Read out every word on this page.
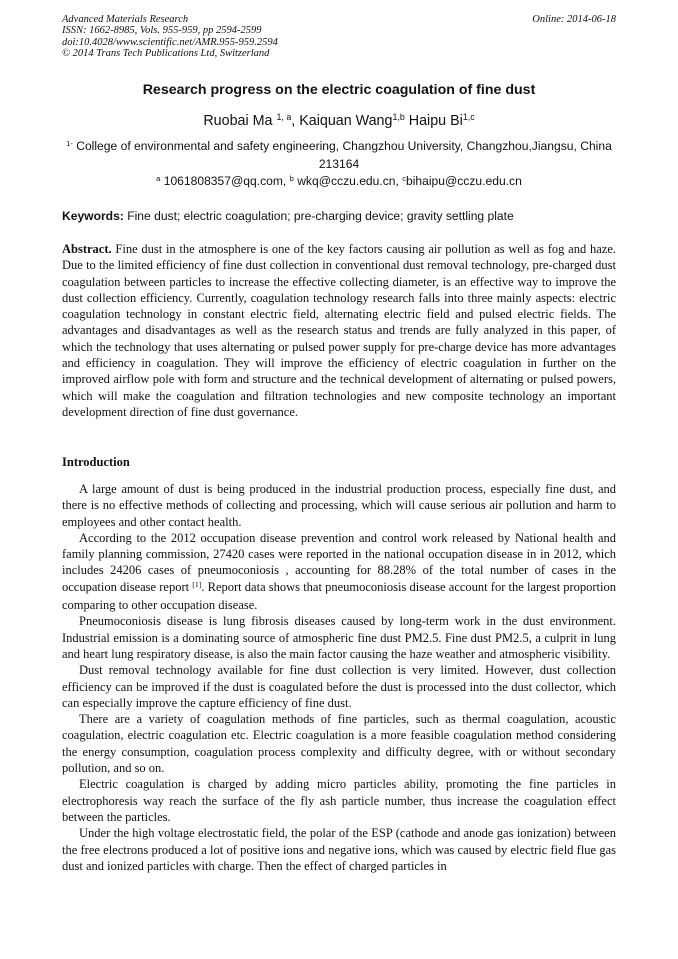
Advanced Materials Research
ISSN: 1662-8985, Vols. 955-959, pp 2594-2599
doi:10.4028/www.scientific.net/AMR.955-959.2594
© 2014 Trans Tech Publications Ltd, Switzerland
Online: 2014-06-18
Research progress on the electric coagulation of fine dust
Ruobai Ma $^{1, a}$, Kaiquan Wang$^{1,b}$ Haipu Bi$^{1,c}$
$^{1-}$ College of environmental and safety engineering, Changzhou University, Changzhou,Jiangsu, China 213164
$^a$ 1061808357@qq.com, $^b$ wkq@cczu.edu.cn, $^c$bihaipu@cczu.edu.cn
Keywords: Fine dust; electric coagulation; pre-charging device; gravity settling plate
Abstract. Fine dust in the atmosphere is one of the key factors causing air pollution as well as fog and haze. Due to the limited efficiency of fine dust collection in conventional dust removal technology, pre-charged dust coagulation between particles to increase the effective collecting diameter, is an effective way to improve the dust collection efficiency. Currently, coagulation technology research falls into three mainly aspects: electric coagulation technology in constant electric field, alternating electric field and pulsed electric fields. The advantages and disadvantages as well as the research status and trends are fully analyzed in this paper, of which the technology that uses alternating or pulsed power supply for pre-charge device has more advantages and efficiency in coagulation. They will improve the efficiency of electric coagulation in further on the improved airflow pole with form and structure and the technical development of alternating or pulsed powers, which will make the coagulation and filtration technologies and new composite technology an important development direction of fine dust governance.
Introduction

A large amount of dust is being produced in the industrial production process, especially fine dust, and there is no effective methods of collecting and processing, which will cause serious air pollution and harm to employees and other contact health.

According to the 2012 occupation disease prevention and control work released by National health and family planning commission, 27420 cases were reported in the national occupation disease in in 2012, which includes 24206 cases of pneumoconiosis , accounting for 88.28% of the total number of cases in the occupation disease report [1]. Report data shows that pneumoconiosis disease account for the largest proportion comparing to other occupation disease.

Pneumoconiosis disease is lung fibrosis diseases caused by long-term work in the dust environment. Industrial emission is a dominating source of atmospheric fine dust PM2.5. Fine dust PM2.5, a culprit in lung and heart lung respiratory disease, is also the main factor causing the haze weather and atmospheric visibility.

Dust removal technology available for fine dust collection is very limited. However, dust collection efficiency can be improved if the dust is coagulated before the dust is processed into the dust collector, which can especially improve the capture efficiency of fine dust.

There are a variety of coagulation methods of fine particles, such as thermal coagulation, acoustic coagulation, electric coagulation etc. Electric coagulation is a more feasible coagulation method considering the energy consumption, coagulation process complexity and difficulty degree, with or without secondary pollution, and so on.

Electric coagulation is charged by adding micro particles ability, promoting the fine particles in electrophoresis way reach the surface of the fly ash particle number, thus increase the coagulation effect between the particles.

Under the high voltage electrostatic field, the polar of the ESP (cathode and anode gas ionization) between the free electrons produced a lot of positive ions and negative ions, which was caused by electric field flue gas dust and ionized particles with charge. Then the effect of charged particles in
